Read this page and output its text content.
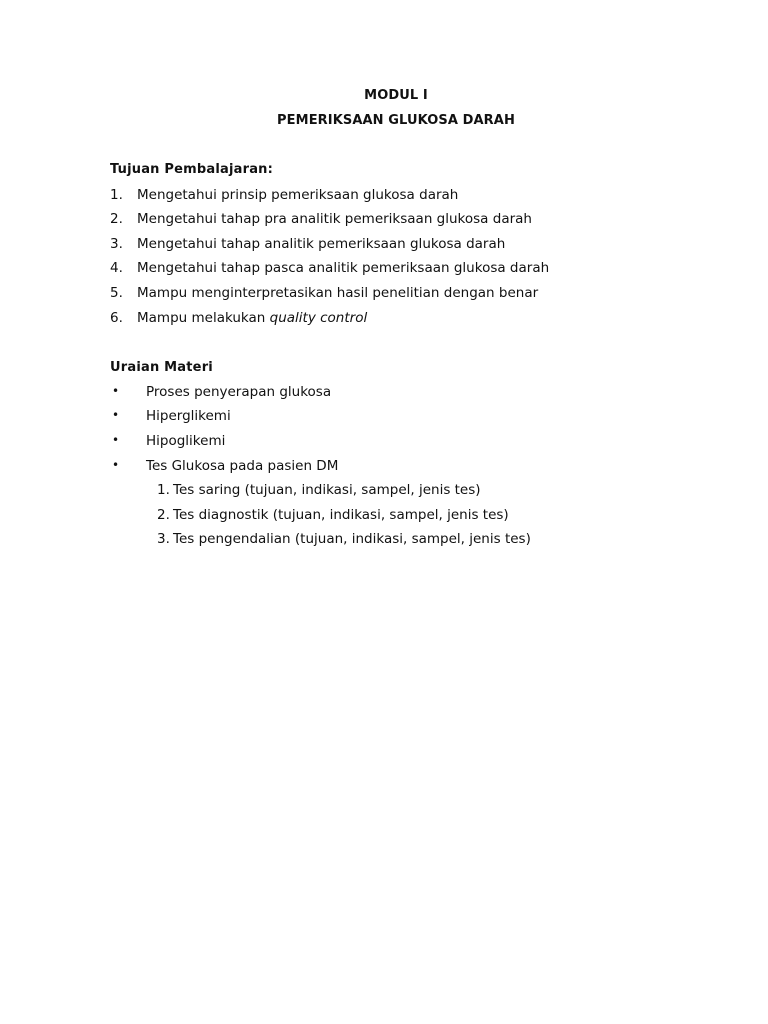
MODUL I
PEMERIKSAAN GLUKOSA DARAH
Tujuan Pembalajaran:
1. Mengetahui prinsip pemeriksaan glukosa darah
2. Mengetahui tahap pra analitik pemeriksaan glukosa darah
3. Mengetahui tahap analitik pemeriksaan glukosa darah
4. Mengetahui tahap pasca analitik pemeriksaan glukosa darah
5. Mampu menginterpretasikan hasil penelitian dengan benar
6. Mampu melakukan quality control
Uraian Materi
• Proses penyerapan glukosa
• Hiperglikemi
• Hipoglikemi
• Tes Glukosa pada pasien DM
1. Tes saring (tujuan, indikasi, sampel, jenis tes)
2. Tes diagnostik (tujuan, indikasi, sampel, jenis tes)
3. Tes pengendalian (tujuan, indikasi, sampel, jenis tes)
